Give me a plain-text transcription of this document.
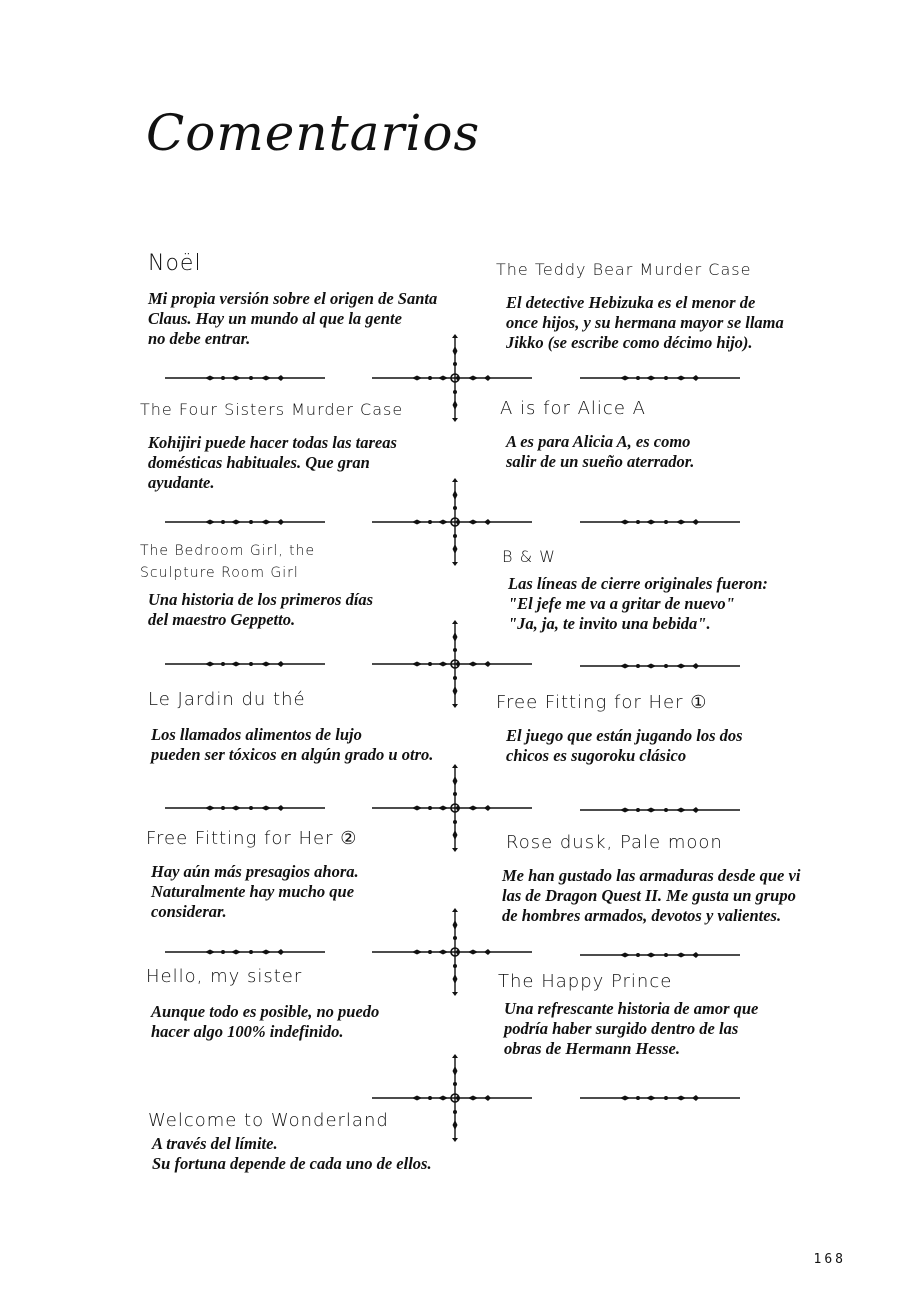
Comentarios

Noël

Mi propia versión sobre el origen de Santa
Claus. Hay un mundo al que la gente
no debe entrar.

The Teddy Bear Murder Case

El detective Hebizuka es el menor de
once hijos, y su hermana mayor se llama
Jikko (se escribe como décimo hijo).

The Four Sisters Murder Case

Kohijiri puede hacer todas las tareas
domésticas habituales. Que gran
ayudante.

A is for Alice A

A es para Alicia A, es como
salir de un sueño aterrador.

The Bedroom Girl, the
Sculpture Room Girl

Una historia de los primeros días
del maestro Geppetto.

B & W

Las líneas de cierre originales fueron:
"El jefe me va a gritar de nuevo"
"Ja, ja, te invito una bebida".

Le Jardin du thé

Los llamados alimentos de lujo
pueden ser tóxicos en algún grado u otro.

Free Fitting for Her ①

El juego que están jugando los dos
chicos es sugoroku clásico

Free Fitting for Her ②

Hay aún más presagios ahora.
Naturalmente hay mucho que
considerar.

Rose dusk, Pale moon

Me han gustado las armaduras desde que vi
las de Dragon Quest II. Me gusta un grupo
de hombres armados, devotos y valientes.

Hello, my sister

Aunque todo es posible, no puedo
hacer algo 100% indefinido.

The Happy Prince

Una refrescante historia de amor que
podría haber surgido dentro de las
obras de Hermann Hesse.

Welcome to Wonderland

A través del límite.
Su fortuna depende de cada uno de ellos.

168
